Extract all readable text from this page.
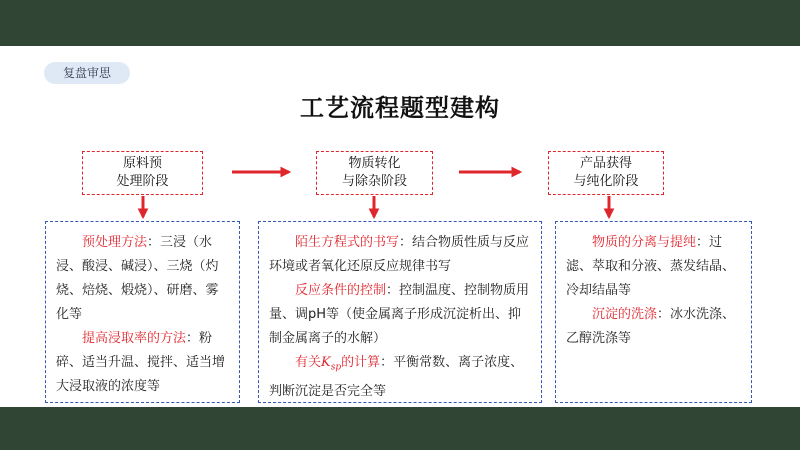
复盘审思
工艺流程题型建构
原料预
处理阶段
物质转化
与除杂阶段
产品获得
与纯化阶段

预处理方法：三浸（水浸、酸浸、碱浸）、三烧（灼烧、焙烧、煅烧）、研磨、雾化等

提高浸取率的方法：粉碎、适当升温、搅拌、适当增大浸取液的浓度等

陌生方程式的书写：结合物质性质与反应环境或者氧化还原反应规律书写

反应条件的控制：控制温度、控制物质用量、调pH等（使金属离子形成沉淀析出、抑制金属离子的水解）

有关$K_{sp}$的计算：平衡常数、离子浓度、判断沉淀是否完全等

物质的分离与提纯：过滤、萃取和分液、蒸发结晶、冷却结晶等

沉淀的洗涤：冰水洗涤、乙醇洗涤等
